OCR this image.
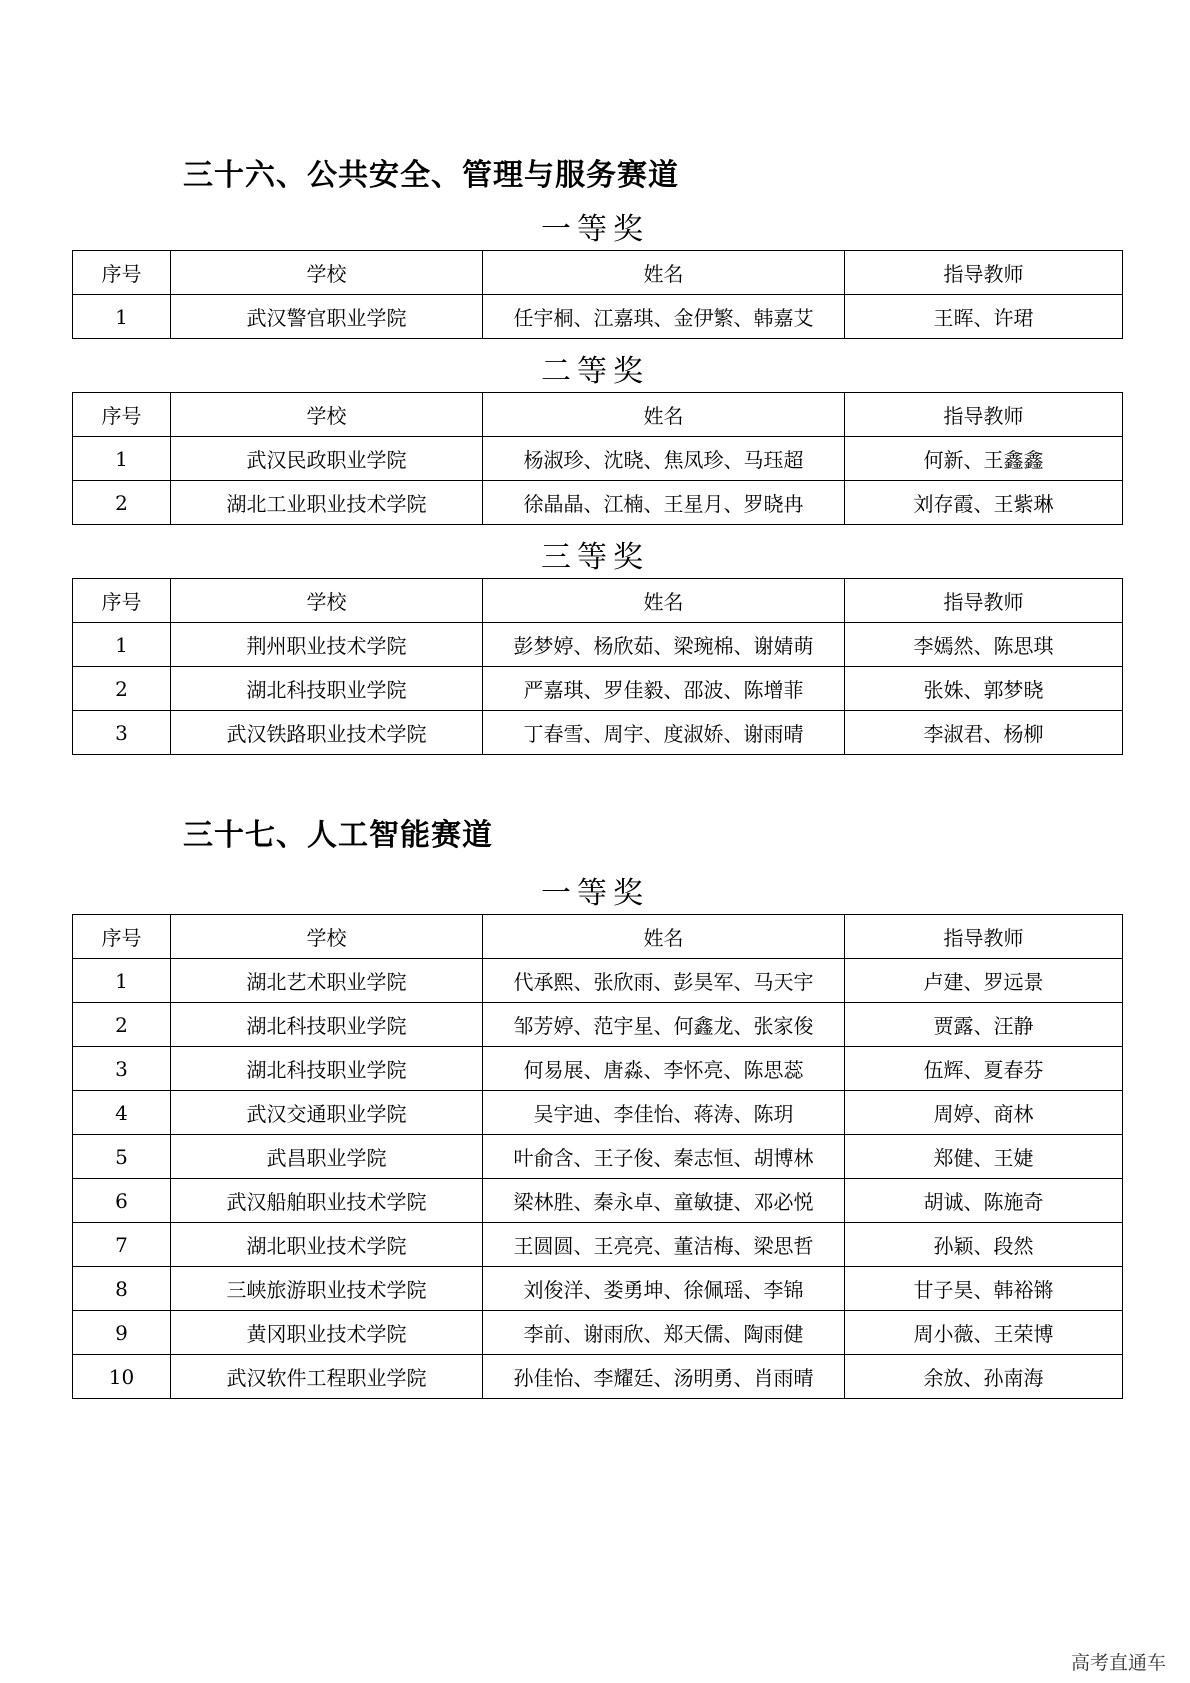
三十六、公共安全、管理与服务赛道
一等奖
序号	学校	姓名	指导教师
1	武汉警官职业学院	任宇桐、江嘉琪、金伊繁、韩嘉艾	王晖、许珺
二等奖
序号	学校	姓名	指导教师
1	武汉民政职业学院	杨淑珍、沈晓、焦凤珍、马珏超	何新、王鑫鑫
2	湖北工业职业技术学院	徐晶晶、江楠、王星月、罗晓冉	刘存霞、王紫琳
三等奖
序号	学校	姓名	指导教师
1	荆州职业技术学院	彭梦婷、杨欣茹、梁琬棉、谢婧萌	李嫣然、陈思琪
2	湖北科技职业学院	严嘉琪、罗佳毅、邵波、陈增菲	张姝、郭梦晓
3	武汉铁路职业技术学院	丁春雪、周宇、度淑娇、谢雨晴	李淑君、杨柳
三十七、人工智能赛道
一等奖
序号	学校	姓名	指导教师
1	湖北艺术职业学院	代承熙、张欣雨、彭昊军、马天宇	卢建、罗远景
2	湖北科技职业学院	邹芳婷、范宇星、何鑫龙、张家俊	贾露、汪静
3	湖北科技职业学院	何易展、唐淼、李怀亮、陈思蕊	伍辉、夏春芬
4	武汉交通职业学院	吴宇迪、李佳怡、蒋涛、陈玥	周婷、商林
5	武昌职业学院	叶俞含、王子俊、秦志恒、胡博林	郑健、王婕
6	武汉船舶职业技术学院	梁林胜、秦永卓、童敏捷、邓必悦	胡诚、陈施奇
7	湖北职业技术学院	王圆圆、王亮亮、董洁梅、梁思哲	孙颖、段然
8	三峡旅游职业技术学院	刘俊洋、娄勇坤、徐佩瑶、李锦	甘子昊、韩裕锵
9	黄冈职业技术学院	李前、谢雨欣、郑天儒、陶雨健	周小薇、王荣博
10	武汉软件工程职业学院	孙佳怡、李耀廷、汤明勇、肖雨晴	余放、孙南海
高考直通车
